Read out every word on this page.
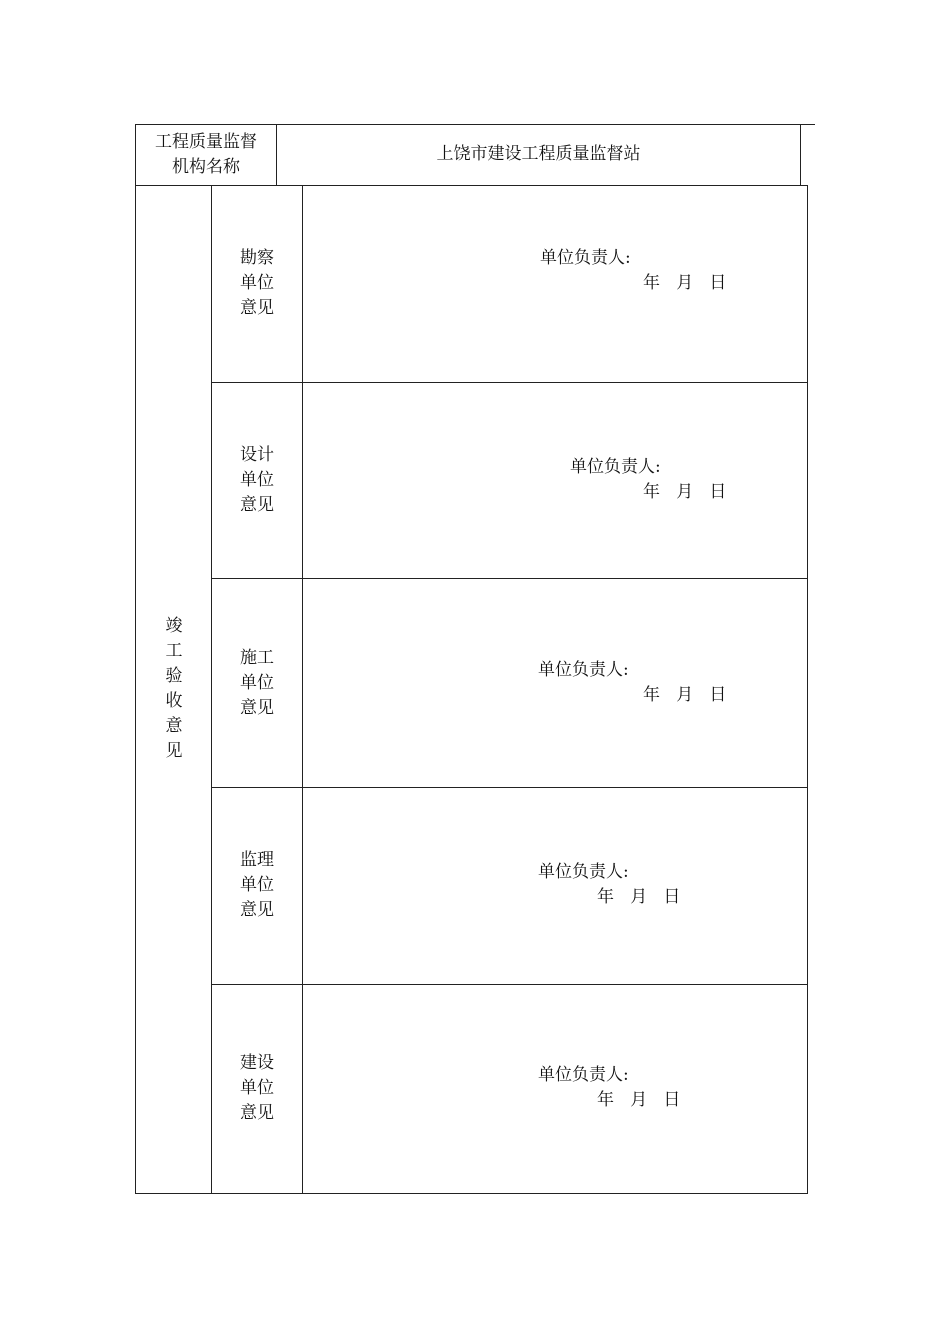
工程质量监督
机构名称
上饶市建设工程质量监督站
竣
工
验
收
意
见
勘察
单位
意见
单位负责人:
年   月   日
设计
单位
意见
单位负责人:
年   月   日
施工
单位
意见
单位负责人:
年   月   日
监理
单位
意见
单位负责人:
年   月   日
建设
单位
意见
单位负责人:
年   月   日
